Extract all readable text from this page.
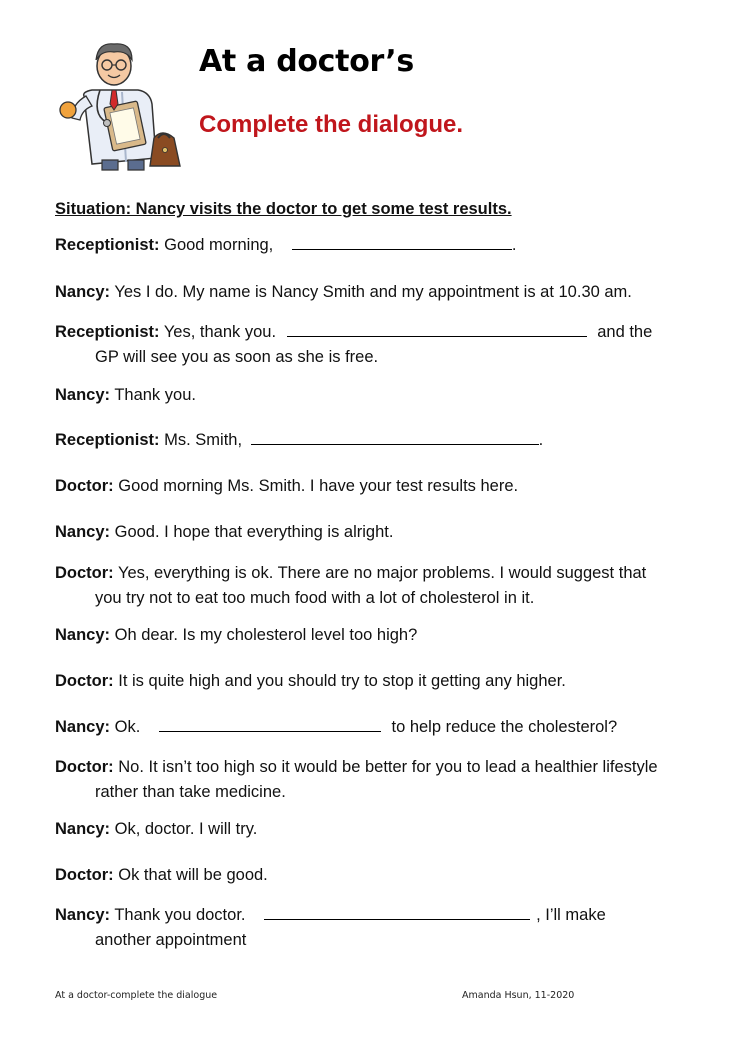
At a doctor’s
Complete the dialogue.

Situation: Nancy visits the doctor to get some test results.

Receptionist: Good morning,	.
Nancy: Yes I do. My name is Nancy Smith and my appointment is at 10.30 am.
Receptionist: Yes, thank you.	and the
GP will see you as soon as she is free.
Nancy: Thank you.
Receptionist: Ms. Smith,	.
Doctor: Good morning Ms. Smith. I have your test results here.
Nancy: Good. I hope that everything is alright.
Doctor: Yes, everything is ok. There are no major problems. I would suggest that
you try not to eat too much food with a lot of cholesterol in it.
Nancy: Oh dear. Is my cholesterol level too high?
Doctor: It is quite high and you should try to stop it getting any higher.
Nancy: Ok.	to help reduce the cholesterol?
Doctor: No. It isn’t too high so it would be better for you to lead a healthier lifestyle
rather than take medicine.
Nancy: Ok, doctor. I will try.
Doctor: Ok that will be good.
Nancy: Thank you doctor.	, I’ll make
another appointment
At a doctor-complete the dialogue	Amanda Hsun, 11-2020
